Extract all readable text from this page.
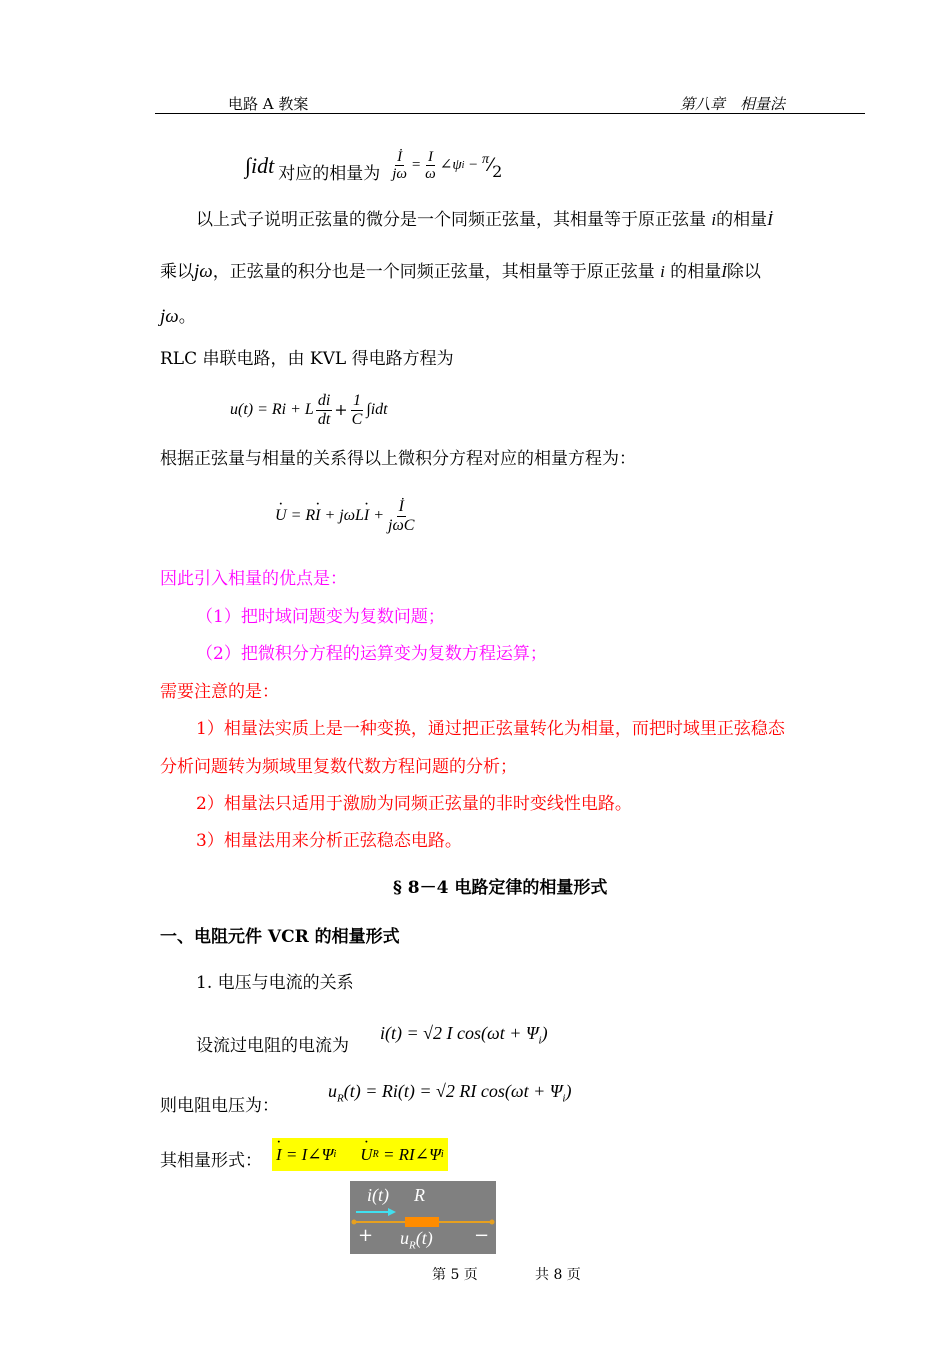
电路 A 教案	第八章　相量法
∫idt 对应的相量为 $\frac{İ}{j\omega} = \frac{I}{\omega}$ ∠ψ i − π ⁄ 2
以上式子说明正弦量的微分是一个同频正弦量，其相量等于原正弦量 i的相量İ
乘以jω，正弦量的积分也是一个同频正弦量，其相量等于原正弦量 i 的相量İ除以
jω。
RLC 串联电路，由 KVL 得电路方程为
u(t) = Ri + L $\frac{di}{dt} + \frac{1}{C} \int idt$
根据正弦量与相量的关系得以上微积分方程对应的相量方程为：
· U = R
· I + jωL
· $I + \frac{İ}{\text{jωC}}$
因此引入相量的优点是：
（1）把时域问题变为复数问题；
（2）把微积分方程的运算变为复数方程运算；
需要注意的是：
1）相量法实质上是一种变换，通过把正弦量转化为相量，而把时域里正弦稳态
分析问题转为频域里复数代数方程问题的分析；
2）相量法只适用于激励为同频正弦量的非时变线性电路。
3）相量法用来分析正弦稳态电路。
§ 8－4 电路定律的相量形式
一、电阻元件 VCR 的相量形式
1. 电压与电流的关系
设流过电阻的电流为
i(t) = √2 I $\cos(\omega t + \Psi_i)$
则电阻电压为：
$u_R(t) = Ri(t) = √2$ RI $\cos(\omega t + \Psi_i)$
其相量形式：
· I = I∠Ψ i
· U R = RI∠Ψ i
i(t) R
+ $u_R(t)$ −
第 5 页	共 8 页
